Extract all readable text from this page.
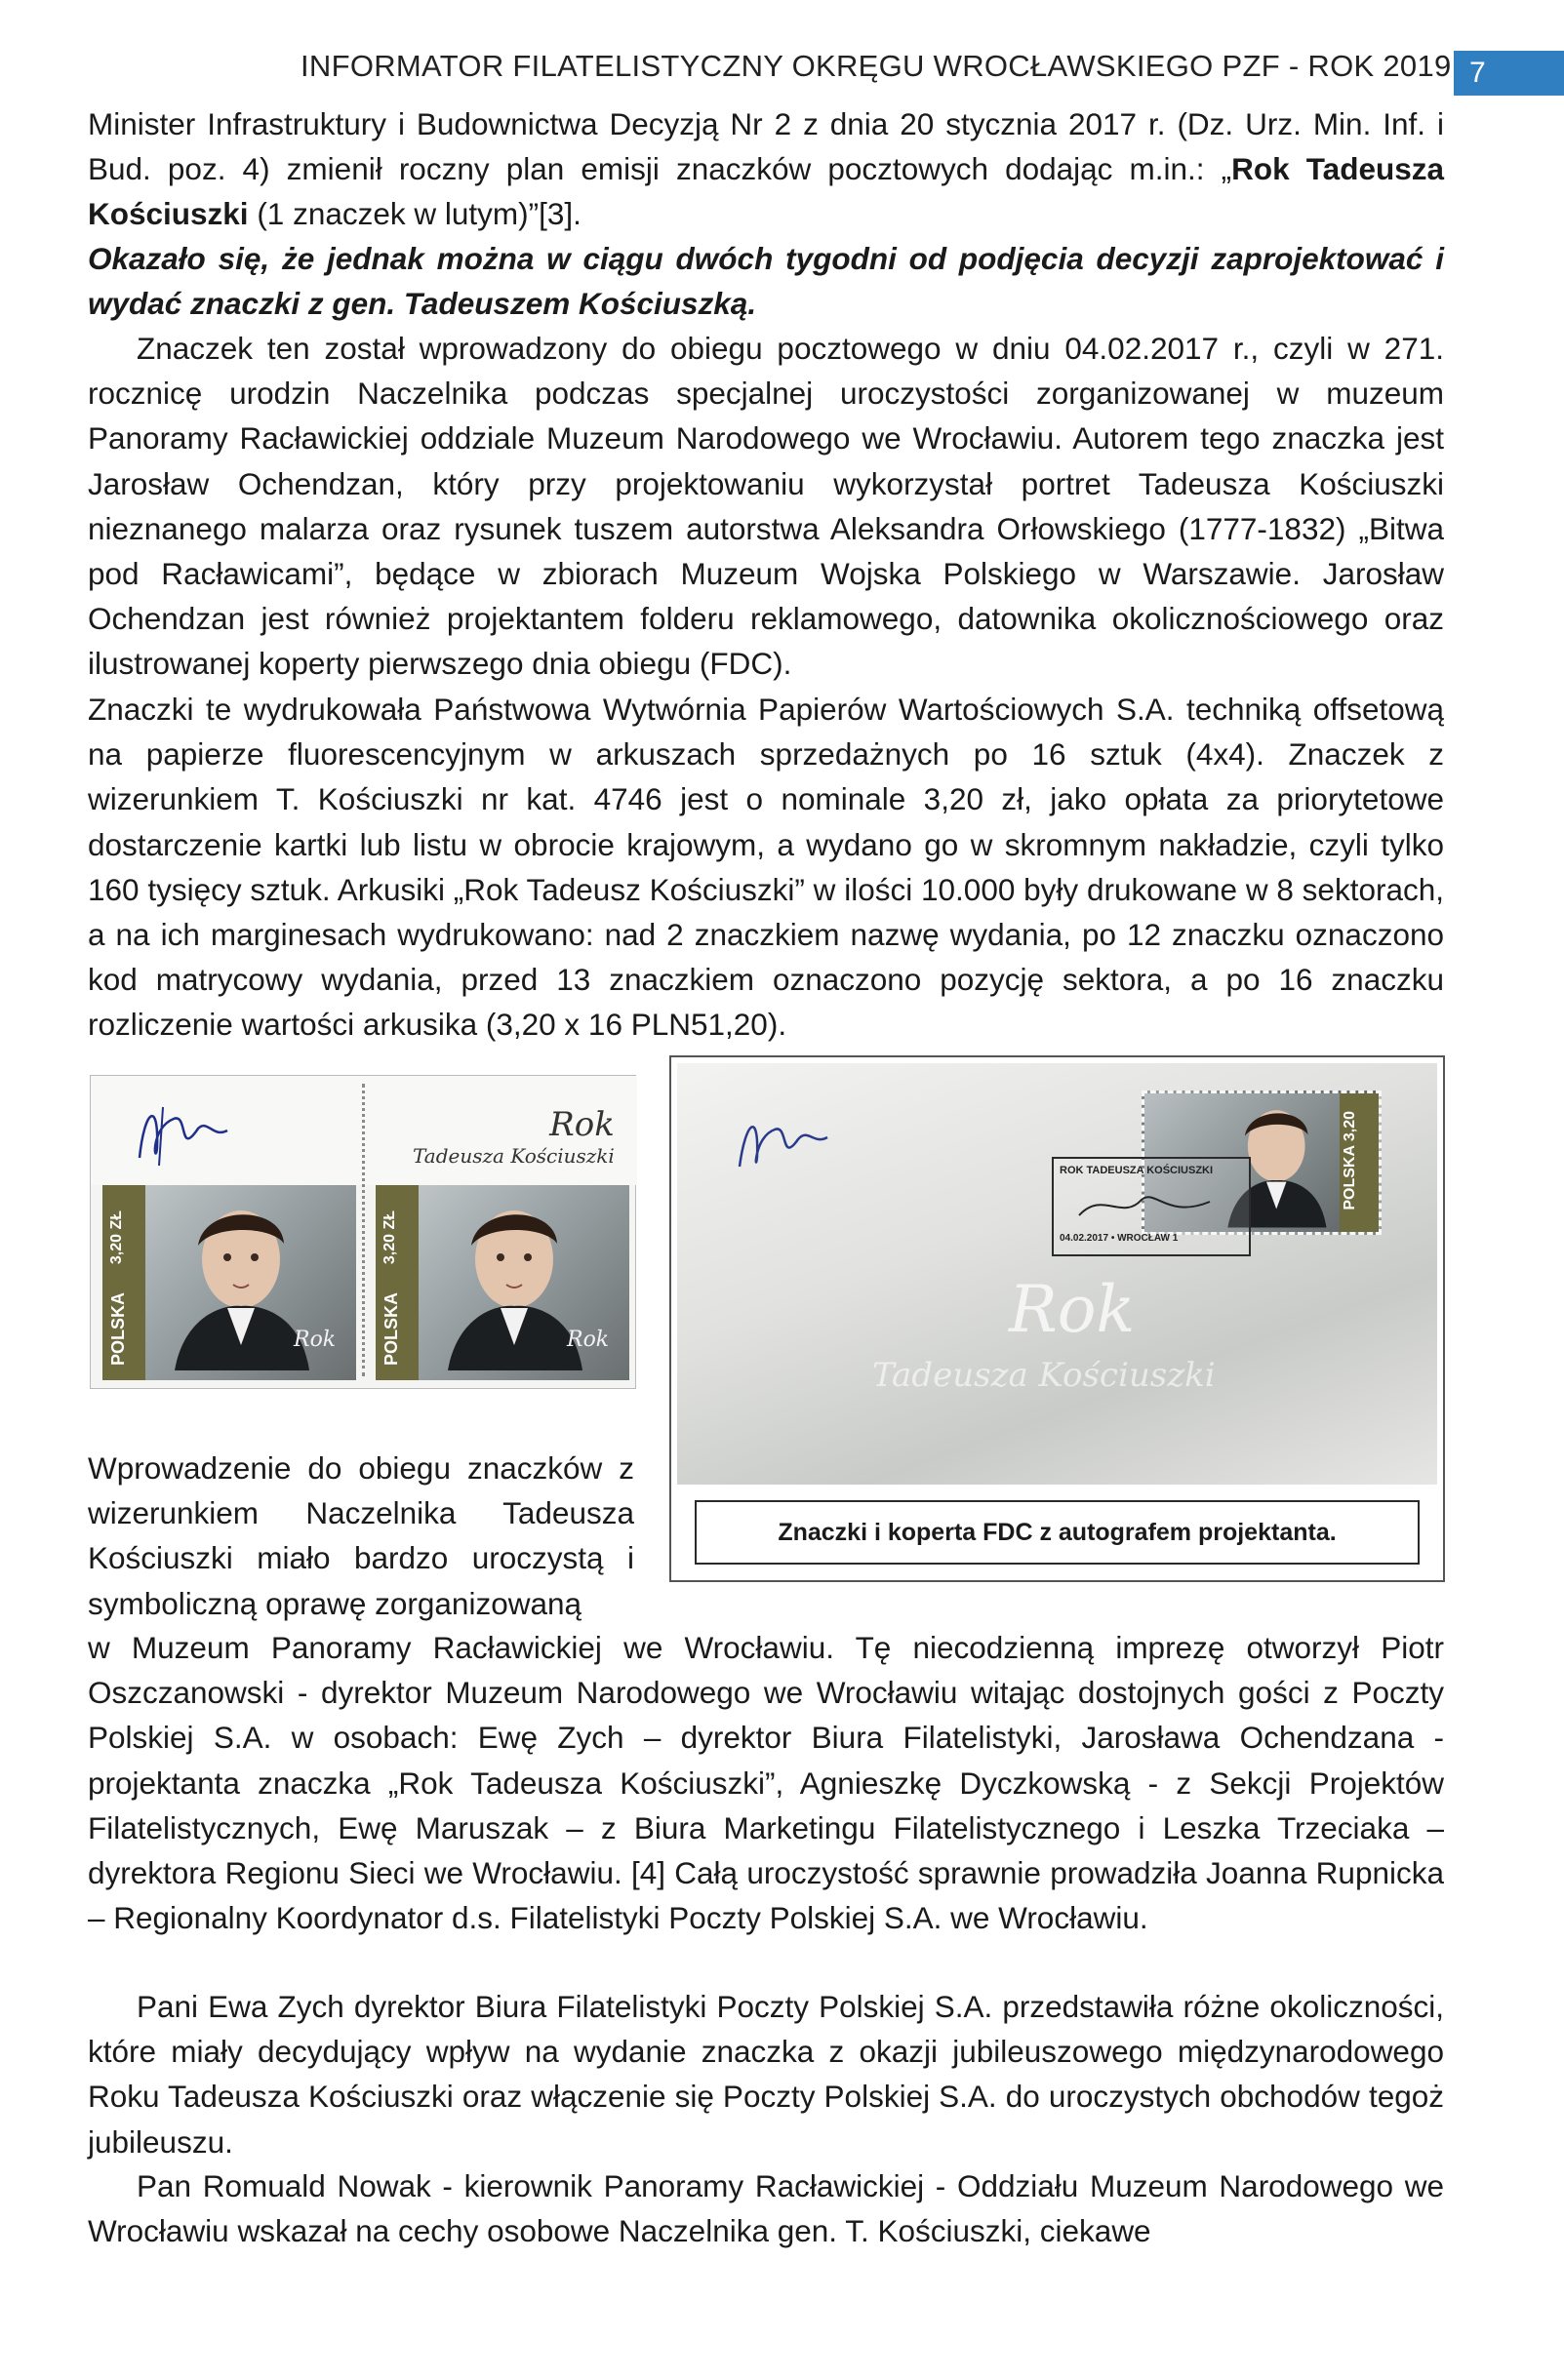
INFORMATOR FILATELISTYCZNY OKRĘGU WROCŁAWSKIEGO PZF - ROK 2019 7

Minister Infrastruktury i Budownictwa Decyzją Nr 2 z dnia 20 stycznia 2017 r. (Dz. Urz. Min. Inf. i Bud. poz. 4) zmienił roczny plan emisji znaczków pocztowych dodając m.in.: „Rok Tadeusza Kościuszki (1 znaczek w lutym)”[3].

Okazało się, że jednak można w ciągu dwóch tygodni od podjęcia decyzji zaprojektować i wydać znaczki z gen. Tadeuszem Kościuszką.

Znaczek ten został wprowadzony do obiegu pocztowego w dniu 04.02.2017 r., czyli w 271. rocznicę urodzin Naczelnika podczas specjalnej uroczystości zorganizowanej w muzeum Panoramy Racławickiej oddziale Muzeum Narodowego we Wrocławiu. Autorem tego znaczka jest Jarosław Ochendzan, który przy projektowaniu wykorzystał portret Tadeusza Kościuszki nieznanego malarza oraz rysunek tuszem autorstwa Aleksandra Orłowskiego (1777-1832) „Bitwa pod Racławicami”, będące w zbiorach Muzeum Wojska Polskiego w Warszawie. Jarosław Ochendzan jest również projektantem folderu reklamowego, datownika okolicznościowego oraz ilustrowanej koperty pierwszego dnia obiegu (FDC).

Znaczki te wydrukowała Państwowa Wytwórnia Papierów Wartościowych S.A. techniką offsetową na papierze fluorescencyjnym w arkuszach sprzedażnych po 16 sztuk (4x4). Znaczek z wizerunkiem T. Kościuszki nr kat. 4746 jest o nominale 3,20 zł, jako opłata za priorytetowe dostarczenie kartki lub listu w obrocie krajowym, a wydano go w skromnym nakładzie, czyli tylko 160 tysięcy sztuk. Arkusiki „Rok Tadeusz Kościuszki” w ilości 10.000 były drukowane w 8 sektorach, a na ich marginesach wydrukowano: nad 2 znaczkiem nazwę wydania, po 12 znaczku oznaczono kod matrycowy wydania, przed 13 znaczkiem oznaczono pozycję sektora, a po 16 znaczku rozliczenie wartości arkusika (3,20 x 16 PLN51,20).

Rok
Tadeusza Kościuszki
3,20 ZŁ
POLSKA	Rok
3,20 ZŁ
POLSKA	Rok
POLSKA 3,20
ROK TADEUSZA KOŚCIUSZKI
04.02.2017 • WROCŁAW 1
Rok
Tadeusza Kościuszki
Znaczki i koperta FDC z autografem projektanta.

Wprowadzenie do obiegu znaczków z wizerunkiem Naczelnika Tadeusza Kościuszki miało bardzo uroczystą i symboliczną oprawę zorganizowaną

w Muzeum Panoramy Racławickiej we Wrocławiu. Tę niecodzienną imprezę otworzył Piotr Oszczanowski - dyrektor Muzeum Narodowego we Wrocławiu witając dostojnych gości z Poczty Polskiej S.A. w osobach: Ewę Zych – dyrektor Biura Filatelistyki, Jarosława Ochendzana - projektanta znaczka „Rok Tadeusza Kościuszki”, Agnieszkę Dyczkowską - z Sekcji Projektów Filatelistycznych, Ewę Maruszak – z Biura Marketingu Filatelistycznego i Leszka Trzeciaka – dyrektora Regionu Sieci we Wrocławiu. [4] Całą uroczystość sprawnie prowadziła Joanna Rupnicka – Regionalny Koordynator d.s. Filatelistyki Poczty Polskiej S.A. we Wrocławiu.

Pani Ewa Zych dyrektor Biura Filatelistyki Poczty Polskiej S.A. przedstawiła różne okoliczności, które miały decydujący wpływ na wydanie znaczka z okazji jubileuszowego międzynarodowego Roku Tadeusza Kościuszki oraz włączenie się Poczty Polskiej S.A. do uroczystych obchodów tegoż jubileuszu.

Pan Romuald Nowak - kierownik Panoramy Racławickiej - Oddziału Muzeum Narodowego we Wrocławiu wskazał na cechy osobowe Naczelnika gen. T. Kościuszki, ciekawe
